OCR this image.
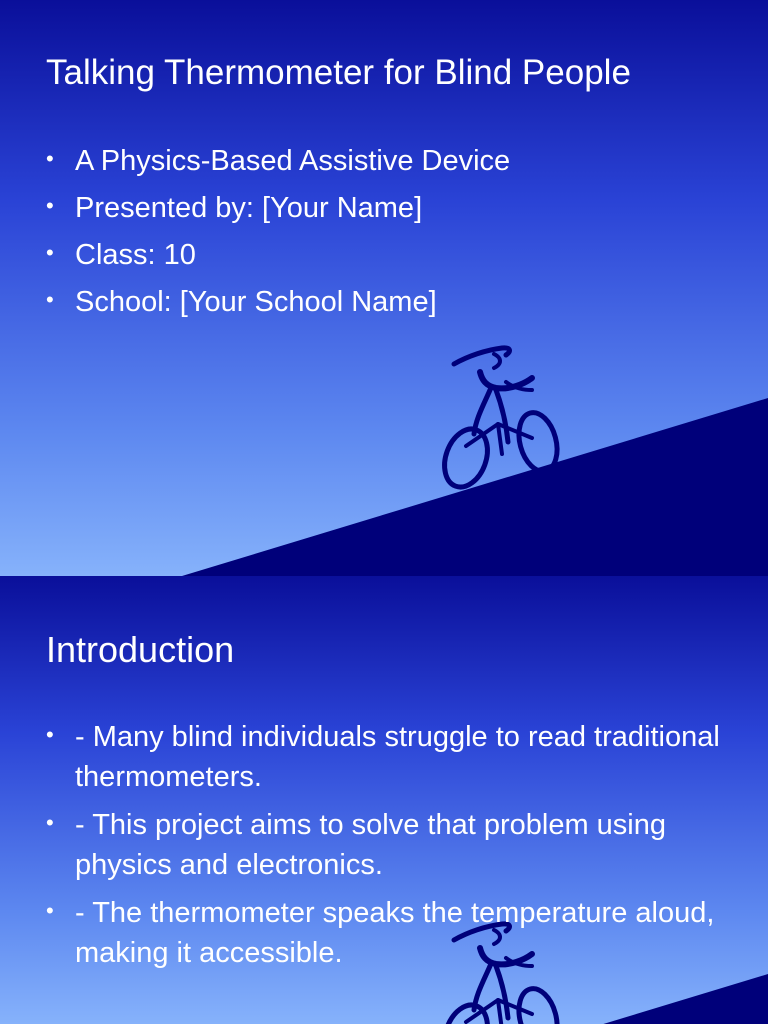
Talking Thermometer for Blind People
• A Physics-Based Assistive Device
• Presented by: [Your Name]
• Class: 10
• School: [Your School Name]
Introduction
• - Many blind individuals struggle to read traditional thermometers.
• - This project aims to solve that problem using physics and electronics.
• - The thermometer speaks the temperature aloud, making it accessible.
